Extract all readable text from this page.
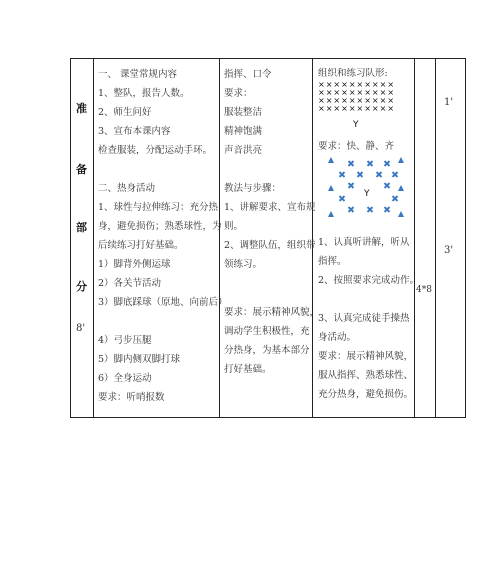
准
备
部
分
8'
一、 课堂常规内容
1、整队，报告人数。
2、师生问好
3、宣布本课内容
检查服装，分配运动手环。
二、热身活动
1、球性与拉伸练习：充分热
身，避免损伤；熟悉球性，为
后续练习打好基础。
1）脚背外侧运球
2）各关节活动
3）脚底踩球（原地、向前后）
4）弓步压腿
5）脚内侧双脚打球
6）全身运动
要求：听哨报数
指挥、口令
要求：
服装整洁
精神饱满
声音洪亮
教法与步骤：
1、讲解要求、宣布规
则。
2、调整队伍，组织带
领练习。
要求：展示精神风貌，
调动学生积极性，充
分热身，为基本部分
打好基础。
组织和练习队形:
××××××××××
××××××××××
××××××××××
××××××××××
Y
要求：快、静、齐
Y
1、认真听讲解，听从
指挥。
2、按照要求完成动作。
3、认真完成徒手操热
身活动。
要求：展示精神风貌，
服从指挥、熟悉球性、
充分热身，避免损伤。
4*8
1'
3'
